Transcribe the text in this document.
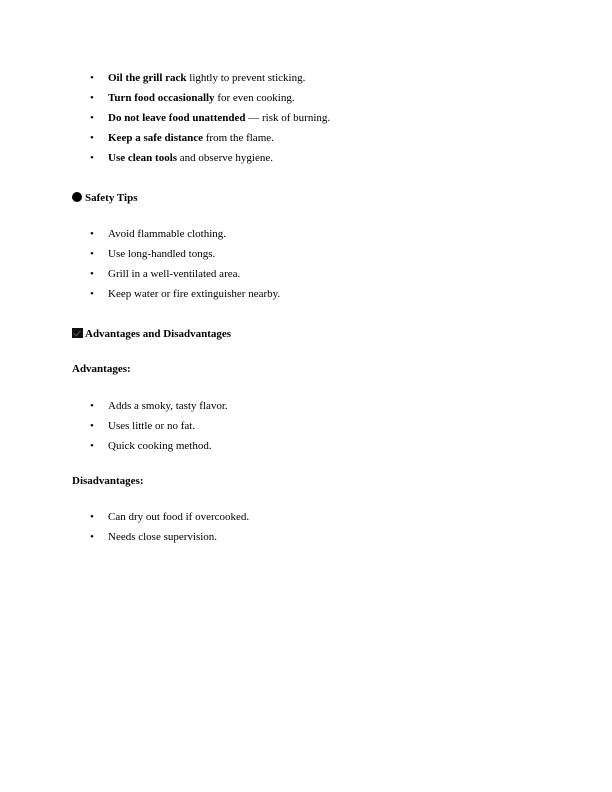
• Oil the grill rack lightly to prevent sticking.
• Turn food occasionally for even cooking.
• Do not leave food unattended — risk of burning.
• Keep a safe distance from the flame.
• Use clean tools and observe hygiene.
Safety Tips
• Avoid flammable clothing.
• Use long-handled tongs.
• Grill in a well-ventilated area.
• Keep water or fire extinguisher nearby.
Advantages and Disadvantages
Advantages:
• Adds a smoky, tasty flavor.
• Uses little or no fat.
• Quick cooking method.
Disadvantages:
• Can dry out food if overcooked.
• Needs close supervision.
